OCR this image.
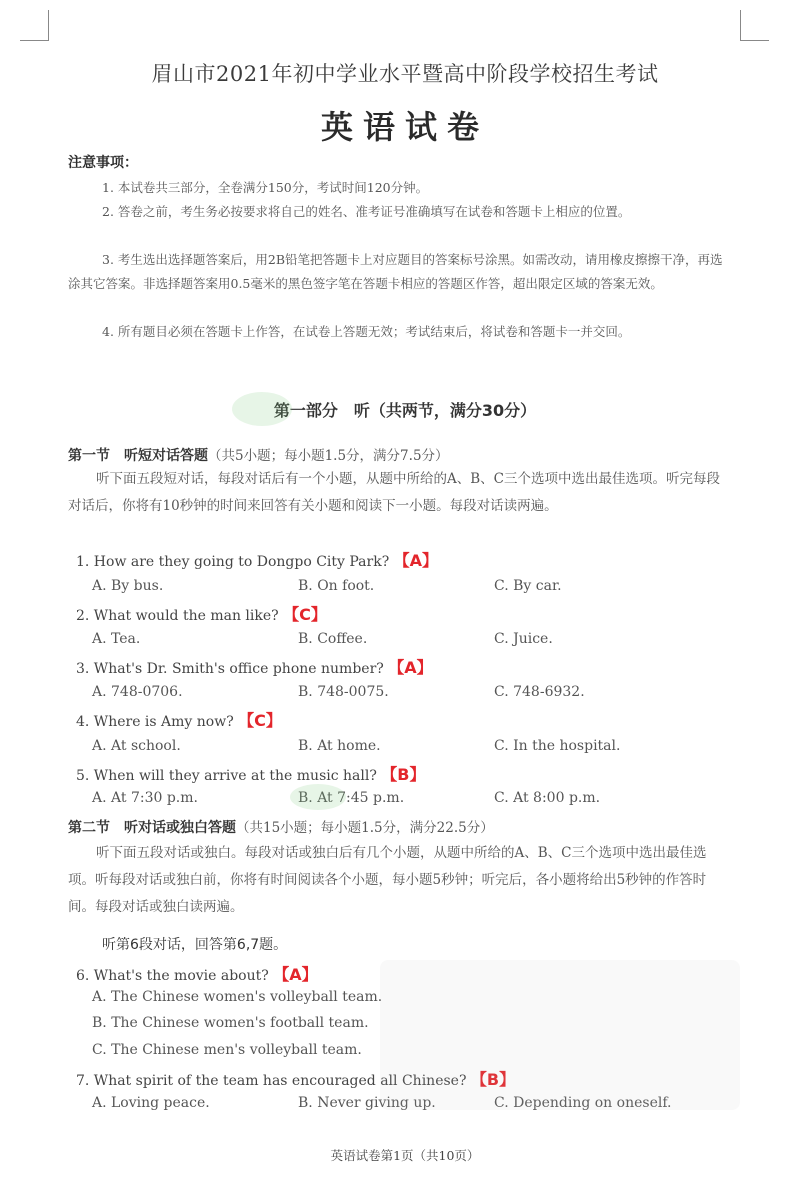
眉山市2021年初中学业水平暨高中阶段学校招生考试
英语试卷
注意事项：

1. 本试卷共三部分，全卷满分150分，考试时间120分钟。

2. 答卷之前，考生务必按要求将自己的姓名、准考证号准确填写在试卷和答题卡上相应的位置。

3. 考生选出选择题答案后，用2B铅笔把答题卡上对应题目的答案标号涂黑。如需改动，请用橡皮擦擦干净，再选涂其它答案。非选择题答案用0.5毫米的黑色签字笔在答题卡相应的答题区作答，超出限定区域的答案无效。

4. 所有题目必须在答题卡上作答，在试卷上答题无效；考试结束后，将试卷和答题卡一并交回。

第一部分　听（共两节，满分30分）
第一节　听短对话答题（共5小题；每小题1.5分，满分7.5分）

听下面五段短对话，每段对话后有一个小题，从题中所给的A、B、C三个选项中选出最佳选项。听完每段对话后，你将有10秒钟的时间来回答有关小题和阅读下一小题。每段对话读两遍。

1. How are they going to Dongpo City Park? 【A】
A. By bus.	B. On foot.	C. By car.
2. What would the man like? 【C】
A. Tea.	B. Coffee.	C. Juice.
3. What's Dr. Smith's office phone number? 【A】
A. 748-0706.	B. 748-0075.	C. 748-6932.
4. Where is Amy now? 【C】
A. At school.	B. At home.	C. In the hospital.
5. When will they arrive at the music hall? 【B】
A. At 7:30 p.m.	B. At 7:45 p.m.	C. At 8:00 p.m.
第二节　听对话或独白答题（共15小题；每小题1.5分，满分22.5分）

听下面五段对话或独白。每段对话或独白后有几个小题，从题中所给的A、B、C三个选项中选出最佳选项。听每段对话或独白前，你将有时间阅读各个小题，每小题5秒钟；听完后，各小题将给出5秒钟的作答时间。每段对话或独白读两遍。

听第6段对话，回答第6,7题。
6. What's the movie about? 【A】
A. The Chinese women's volleyball team.
B. The Chinese women's football team.
C. The Chinese men's volleyball team.
7. What spirit of the team has encouraged all Chinese? 【B】
A. Loving peace.	B. Never giving up.	C. Depending on oneself.
英语试卷第1页（共10页）
